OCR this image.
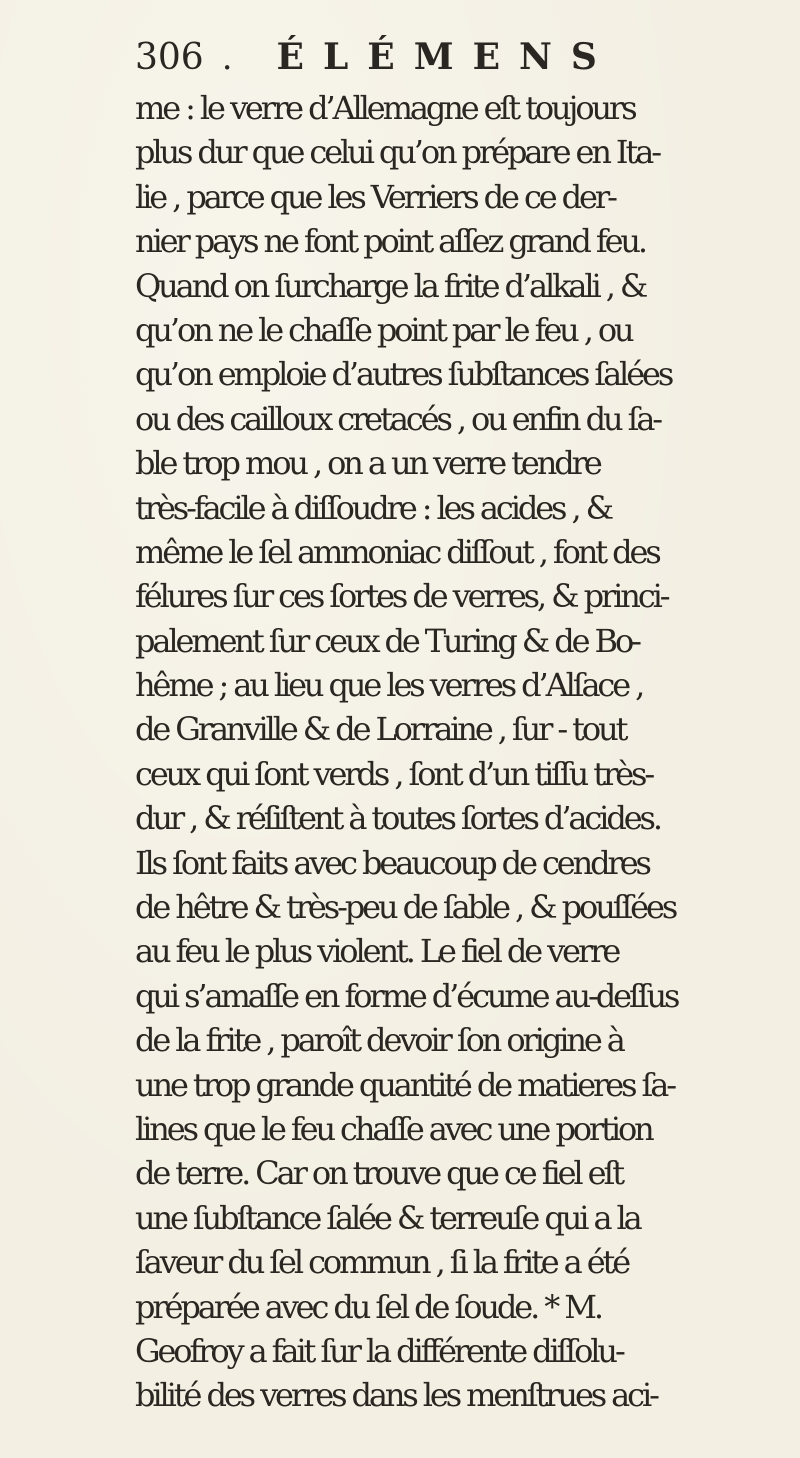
306 . ÉLÉMENS
me : le verre d’Allemagne eſt toujours
plus dur que celui qu’on prépare en Ita-
lie , parce que les Verriers de ce der-
nier pays ne font point aſſez grand feu.
Quand on ſurcharge la frite d’alkali , &
qu’on ne le chaſſe point par le feu , ou
qu’on emploie d’autres ſubſtances ſalées
ou des cailloux cretacés , ou enfin du ſa-
ble trop mou , on a un verre tendre
très-facile à diſſoudre : les acides , &
même le ſel ammoniac diſſout , font des
félures ſur ces ſortes de verres, & princi-
palement ſur ceux de Turing & de Bo-
hême ; au lieu que les verres d’Alſace ,
de Granville & de Lorraine , ſur - tout
ceux qui ſont verds , ſont d’un tiſſu très-
dur , & réſiſtent à toutes ſortes d’acides.
Ils ſont faits avec beaucoup de cendres
de hêtre & très-peu de ſable , & pouſſées
au feu le plus violent. Le fiel de verre
qui s’amaſſe en forme d’écume au-deſſus
de la frite , paroît devoir ſon origine à
une trop grande quantité de matieres ſa-
lines que le feu chaſſe avec une portion
de terre. Car on trouve que ce fiel eſt
une ſubſtance ſalée & terreuſe qui a la
ſaveur du ſel commun , ſi la frite a été
préparée avec du ſel de ſoude. * M.
Geofroy a fait ſur la différente diſſolu-
bilité des verres dans les menſtrues aci-
